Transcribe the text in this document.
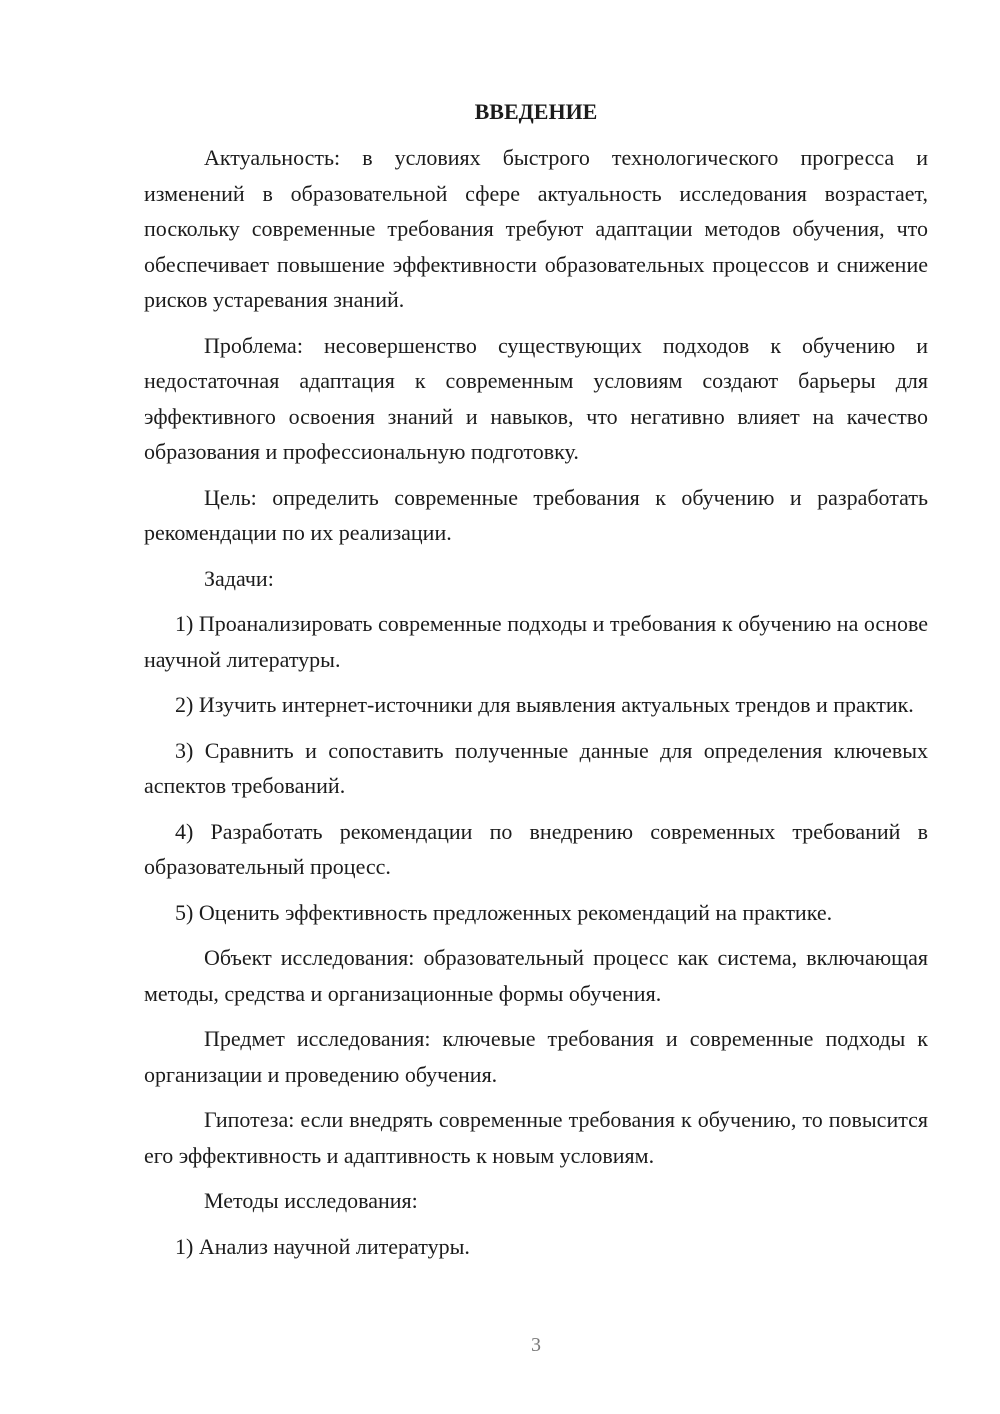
ВВЕДЕНИЕ

Актуальность: в условиях быстрого технологического прогресса и изменений в образовательной сфере актуальность исследования возрастает, поскольку современные требования требуют адаптации методов обучения, что обеспечивает повышение эффективности образовательных процессов и снижение рисков устаревания знаний.

Проблема: несовершенство существующих подходов к обучению и недостаточная адаптация к современным условиям создают барьеры для эффективного освоения знаний и навыков, что негативно влияет на качество образования и профессиональную подготовку.

Цель: определить современные требования к обучению и разработать рекомендации по их реализации.

Задачи:

1) Проанализировать современные подходы и требования к обучению на основе научной литературы.

2) Изучить интернет-источники для выявления актуальных трендов и практик.

3) Сравнить и сопоставить полученные данные для определения ключевых аспектов требований.

4) Разработать рекомендации по внедрению современных требований в образовательный процесс.

5) Оценить эффективность предложенных рекомендаций на практике.

Объект исследования: образовательный процесс как система, включающая методы, средства и организационные формы обучения.

Предмет исследования: ключевые требования и современные подходы к организации и проведению обучения.

Гипотеза: если внедрять современные требования к обучению, то повысится его эффективность и адаптивность к новым условиям.

Методы исследования:

1) Анализ научной литературы.

3
